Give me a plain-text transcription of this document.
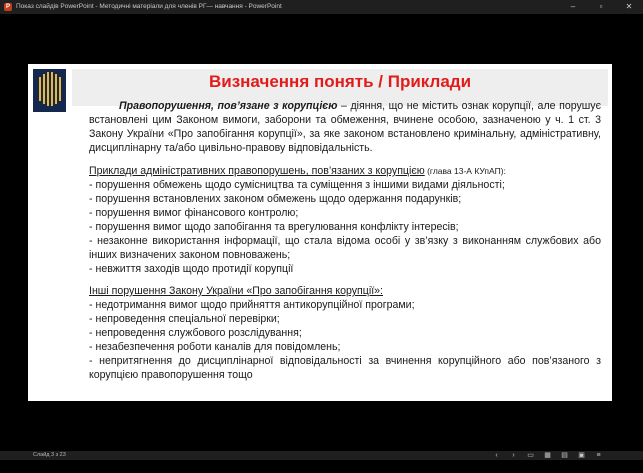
P Показ слайдів PowerPoint - Методичні матеріали для членів РГ— навчання - PowerPoint	–	▫	✕
Визначення понять / Приклади

Правопорушення, пов’язане з корупцією – діяння, що не містить ознак корупції, але порушує встановлені цим Законом вимоги, заборони та обмеження, вчинене особою, зазначеною у ч. 1 ст. 3 Закону України «Про запобігання корупції», за яке законом встановлено кримінальну, адміністративну, дисциплінарну та/або цивільно-правову відповідальність.

Приклади адміністративних правопорушень, пов’язаних з корупцією (глава 13-А КУпАП):

- порушення обмежень щодо сумісництва та суміщення з іншими видами діяльності;

- порушення встановлених законом обмежень щодо одержання подарунків;

- порушення вимог фінансового контролю;

- порушення вимог щодо запобігання та врегулювання конфлікту інтересів;

- незаконне використання інформації, що стала відома особі у зв’язку з виконанням службових або інших визначених законом повноважень;

- невжиття заходів щодо протидії корупції

Інші порушення Закону України «Про запобігання корупції»:

- недотримання вимог щодо прийняття антикорупційної програми;

- непроведення спеціальної перевірки;

- непроведення службового розслідування;

- незабезпечення роботи каналів для повідомлень;

- непритягнення до дисциплінарної відповідальності за вчинення корупційного або пов’язаного з корупцією правопорушення тощо

Слайд 3 з 23	‹	›	▭ ▦ ▤ ▣	≡
